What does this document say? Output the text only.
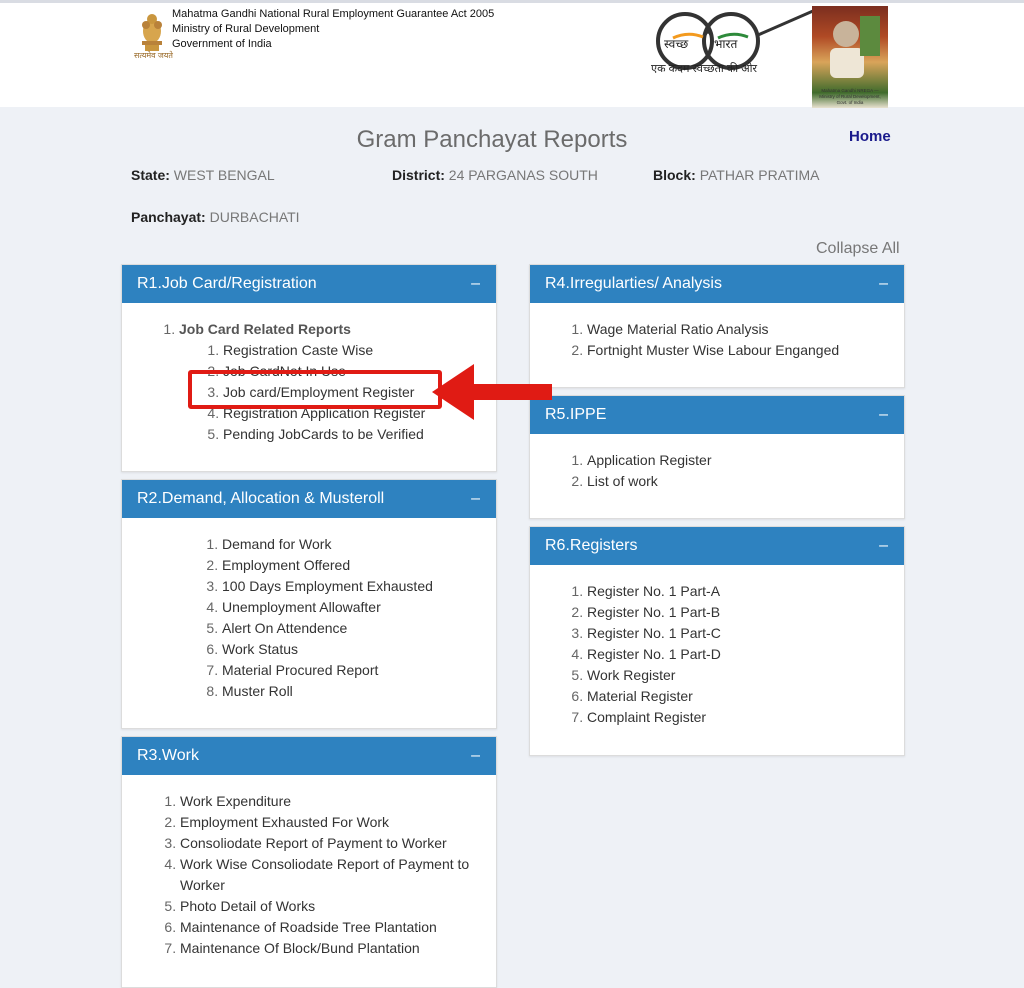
सत्यमेव जयते
Mahatma Gandhi National Rural Employment Guarantee Act 2005
Ministry of Rural Development
Government of India	स्वच्छ भारत
एक कदम स्वच्छता की ओर
Mahatma Gandhi NREGA — Ministry of Rural Development, Govt. of India
Gram Panchayat Reports	Home
State: WEST BENGAL	District: 24 PARGANAS SOUTH	Block: PATHAR PRATIMA
Panchayat: DURBACHATI
Collapse All
R1.Job Card/Registration	–
1. Job Card Related Reports
1. Registration Caste Wise
2. Job CardNot In Use
3. Job card/Employment Register
4. Registration Application Register
5. Pending JobCards to be Verified
R2.Demand, Allocation & Musteroll	–
1. Demand for Work
2. Employment Offered
3. 100 Days Employment Exhausted
4. Unemployment Allowafter
5. Alert On Attendence
6. Work Status
7. Material Procured Report
8. Muster Roll
R3.Work	–
1. Work Expenditure
2. Employment Exhausted For Work
3. Consoliodate Report of Payment to Worker
4. Work Wise Consoliodate Report of Payment to Worker
5. Photo Detail of Works
6. Maintenance of Roadside Tree Plantation
7. Maintenance Of Block/Bund Plantation
R4.Irregularties/ Analysis	–
1. Wage Material Ratio Analysis
2. Fortnight Muster Wise Labour Enganged
R5.IPPE	–
1. Application Register
2. List of work
R6.Registers	–
1. Register No. 1 Part-A
2. Register No. 1 Part-B
3. Register No. 1 Part-C
4. Register No. 1 Part-D
5. Work Register
6. Material Register
7. Complaint Register
